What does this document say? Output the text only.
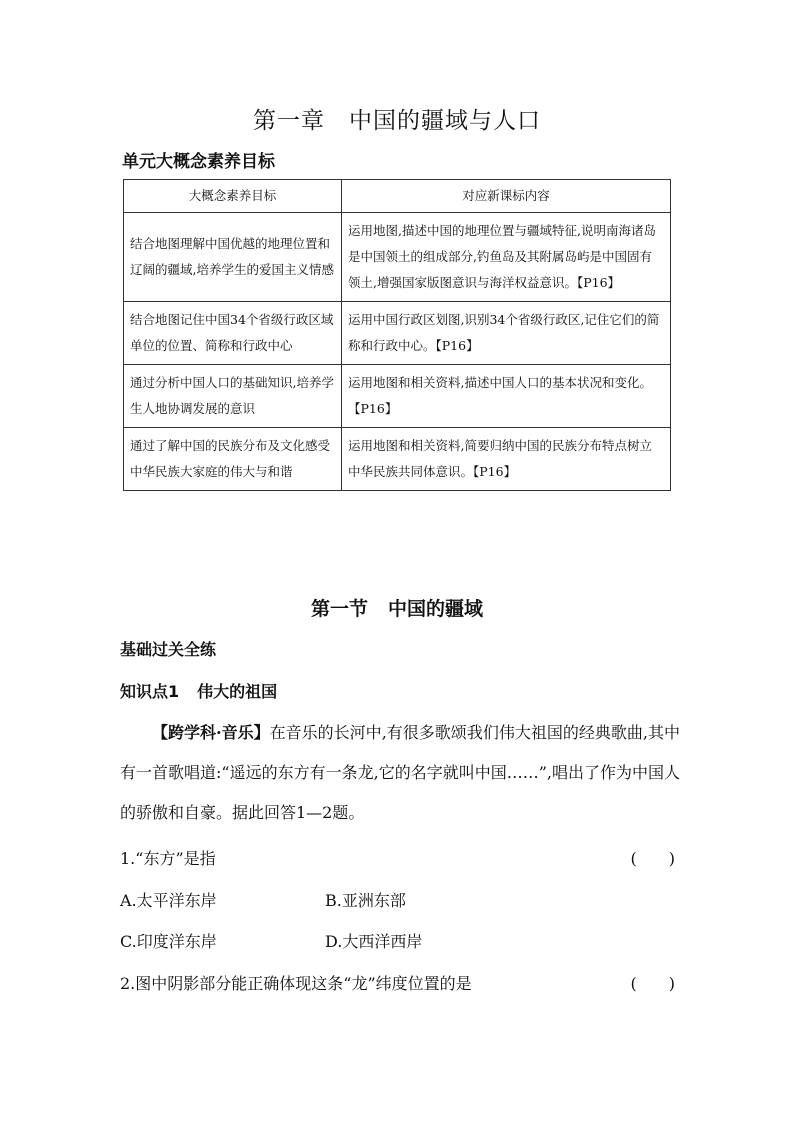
第一章 中国的疆域与人口
单元大概念素养目标
大概念素养目标	对应新课标内容
结合地图理解中国优越的地理位置和辽阔的疆域,培养学生的爱国主义情感	运用地图,描述中国的地理位置与疆域特征,说明南海诸岛是中国领土的组成部分,钓鱼岛及其附属岛屿是中国固有领土,增强国家版图意识与海洋权益意识。【P16】
结合地图记住中国34个省级行政区域单位的位置、简称和行政中心	运用中国行政区划图,识别34个省级行政区,记住它们的简称和行政中心。【P16】
通过分析中国人口的基础知识,培养学生人地协调发展的意识	运用地图和相关资料,描述中国人口的基本状况和变化。【P16】
通过了解中国的民族分布及文化感受中华民族大家庭的伟大与和谐	运用地图和相关资料,简要归纳中国的民族分布特点树立中华民族共同体意识。【P16】
第一节 中国的疆域
基础过关全练
知识点1 伟大的祖国
【跨学科·音乐】在音乐的长河中,有很多歌颂我们伟大祖国的经典歌曲,其中有一首歌唱道:“遥远的东方有一条龙,它的名字就叫中国……”,唱出了作为中国人的骄傲和自豪。据此回答1—2题。
1.“东方”是指	(　　)
A.太平洋东岸	B.亚洲东部
C.印度洋东岸	D.大西洋西岸
2.图中阴影部分能正确体现这条“龙”纬度位置的是	(　　)
